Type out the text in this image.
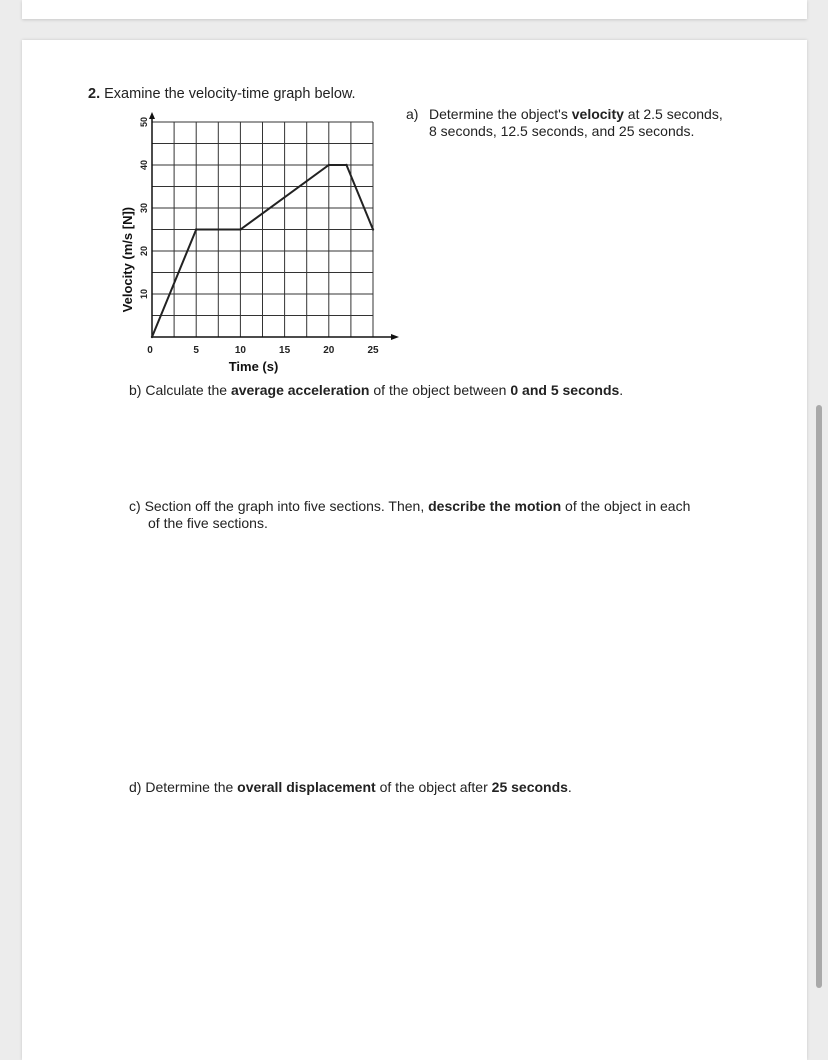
2. Examine the velocity-time graph below.
0	5	10	15	20	25
10
20
30
40
50
Time (s)
Velocity (m/s [N])
a) Determine the object's velocity at 2.5 seconds,
8 seconds, 12.5 seconds, and 25 seconds.
b) Calculate the average acceleration of the object between 0 and 5 seconds.
c) Section off the graph into five sections. Then, describe the motion of the object in each
of the five sections.
d) Determine the overall displacement of the object after 25 seconds.
